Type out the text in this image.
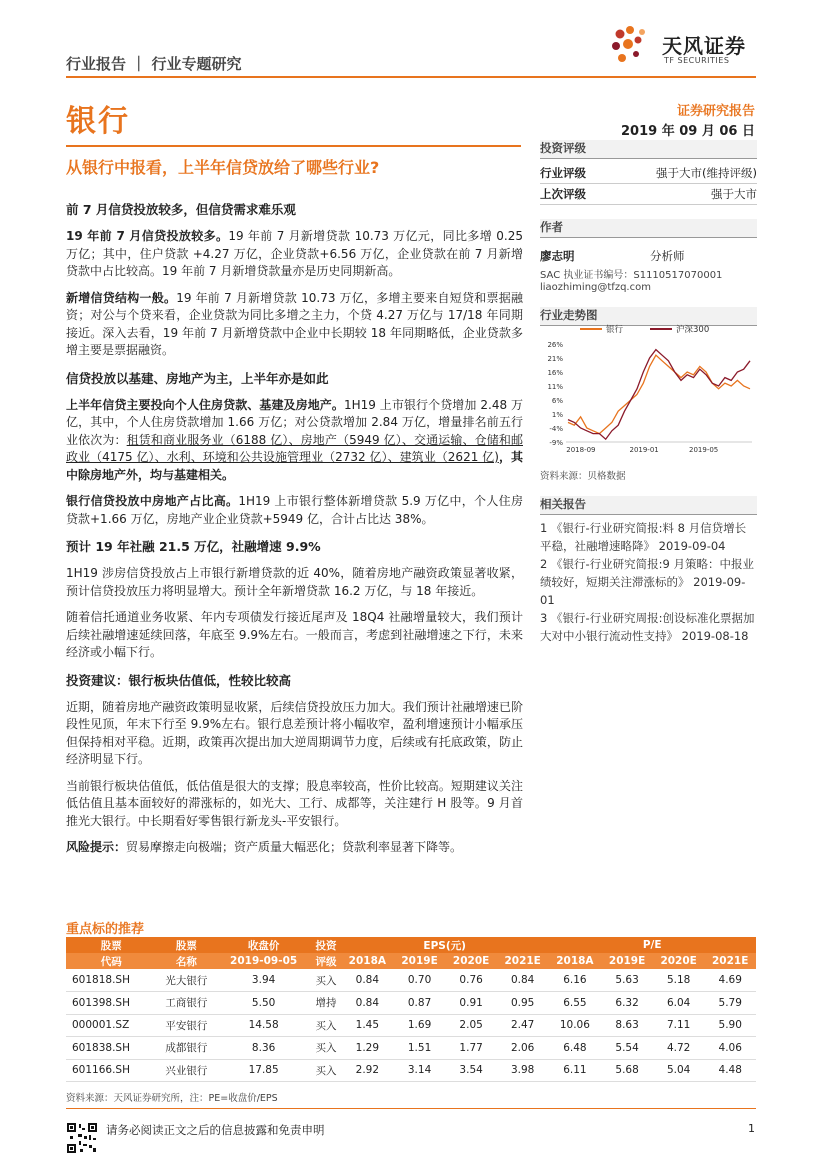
行业报告 ｜ 行业专题研究
天风证券
TF SECURITIES
银行	证券研究报告
2019 年 09 月 06 日
从银行中报看，上半年信贷放给了哪些行业?
前 7 月信贷投放较多，但信贷需求难乐观

19 年前 7 月信贷投放较多。19 年前 7 月新增贷款 10.73 万亿元，同比多增 0.25 万亿；其中，住户贷款 +4.27 万亿，企业贷款+6.56 万亿，企业贷款在前 7 月新增贷款中占比较高。19 年前 7 月新增贷款量亦是历史同期新高。

新增信贷结构一般。19 年前 7 月新增贷款 10.73 万亿，多增主要来自短贷和票据融资；对公与个贷来看，企业贷款为同比多增之主力，个贷 4.27 万亿与 17/18 年同期接近。深入去看，19 年前 7 月新增贷款中企业中长期较 18 年同期略低，企业贷款多增主要是票据融资。

信贷投放以基建、房地产为主，上半年亦是如此

上半年信贷主要投向个人住房贷款、基建及房地产。1H19 上市银行个贷增加 2.48 万亿，其中，个人住房贷款增加 1.66 万亿；对公贷款增加 2.84 万亿，增量排名前五行业依次为：租赁和商业服务业（6188 亿）、房地产（5949 亿）、交通运输、仓储和邮政业（4175 亿）、水利、环境和公共设施管理业（2732 亿）、建筑业（2621 亿)，其中除房地产外，均与基建相关。

银行信贷投放中房地产占比高。1H19 上市银行整体新增贷款 5.9 万亿中，个人住房贷款+1.66 万亿，房地产业企业贷款+5949 亿，合计占比达 38%。

预计 19 年社融 21.5 万亿，社融增速 9.9%

1H19 涉房信贷投放占上市银行新增贷款的近 40%，随着房地产融资政策显著收紧，预计信贷投放压力将明显增大。预计全年新增贷款 16.2 万亿，与 18 年接近。

随着信托通道业务收紧、年内专项债发行接近尾声及 18Q4 社融增量较大，我们预计后续社融增速延续回落，年底至 9.9%左右。一般而言，考虑到社融增速之下行，未来经济或小幅下行。

投资建议：银行板块估值低，性较比较高

近期，随着房地产融资政策明显收紧，后续信贷投放压力加大。我们预计社融增速已阶段性见顶，年末下行至 9.9%左右。银行息差预计将小幅收窄，盈利增速预计小幅承压但保持相对平稳。近期，政策再次提出加大逆周期调节力度，后续或有托底政策，防止经济明显下行。

当前银行板块估值低，低估值是很大的支撑；股息率较高，性价比较高。短期建议关注低估值且基本面较好的滞涨标的，如光大、工行、成都等，关注建行 H 股等。9 月首推光大银行。中长期看好零售银行新龙头-平安银行。

风险提示：贸易摩擦走向极端；资产质量大幅恶化；贷款利率显著下降等。

投资评级
行业评级	强于大市(维持评级)
上次评级	强于大市
作者
廖志明	分析师
SAC 执业证书编号：S1110517070001
liaozhiming@tfzq.com
行业走势图
银行	沪深300
26%
21%
16%
11%
6%
1%
-4%
-9%
2018-09	2019-01	2019-05
资料来源：贝格数据
相关报告
1 《银行-行业研究简报:料 8 月信贷增长平稳，社融增速略降》 2019-09-04
2 《银行-行业研究简报:9 月策略：中报业绩较好，短期关注滞涨标的》 2019-09-01
3 《银行-行业研究周报:创设标准化票据加大对中小银行流动性支持》 2019-08-18
重点标的推荐
股票	股票	收盘价	投资	EPS(元)				P/E			
代码	名称	2019-09-05	评级	2018A	2019E	2020E	2021E	2018A	2019E	2020E	2021E
601818.SH	光大银行	3.94	买入	0.84	0.70	0.76	0.84	6.16	5.63	5.18	4.69
601398.SH	工商银行	5.50	增持	0.84	0.87	0.91	0.95	6.55	6.32	6.04	5.79
000001.SZ	平安银行	14.58	买入	1.45	1.69	2.05	2.47	10.06	8.63	7.11	5.90
601838.SH	成都银行	8.36	买入	1.29	1.51	1.77	2.06	6.48	5.54	4.72	4.06
601166.SH	兴业银行	17.85	买入	2.92	3.14	3.54	3.98	6.11	5.68	5.04	4.48
资料来源：天风证券研究所，注：PE=收盘价/EPS
请务必阅读正文之后的信息披露和免责申明	1
